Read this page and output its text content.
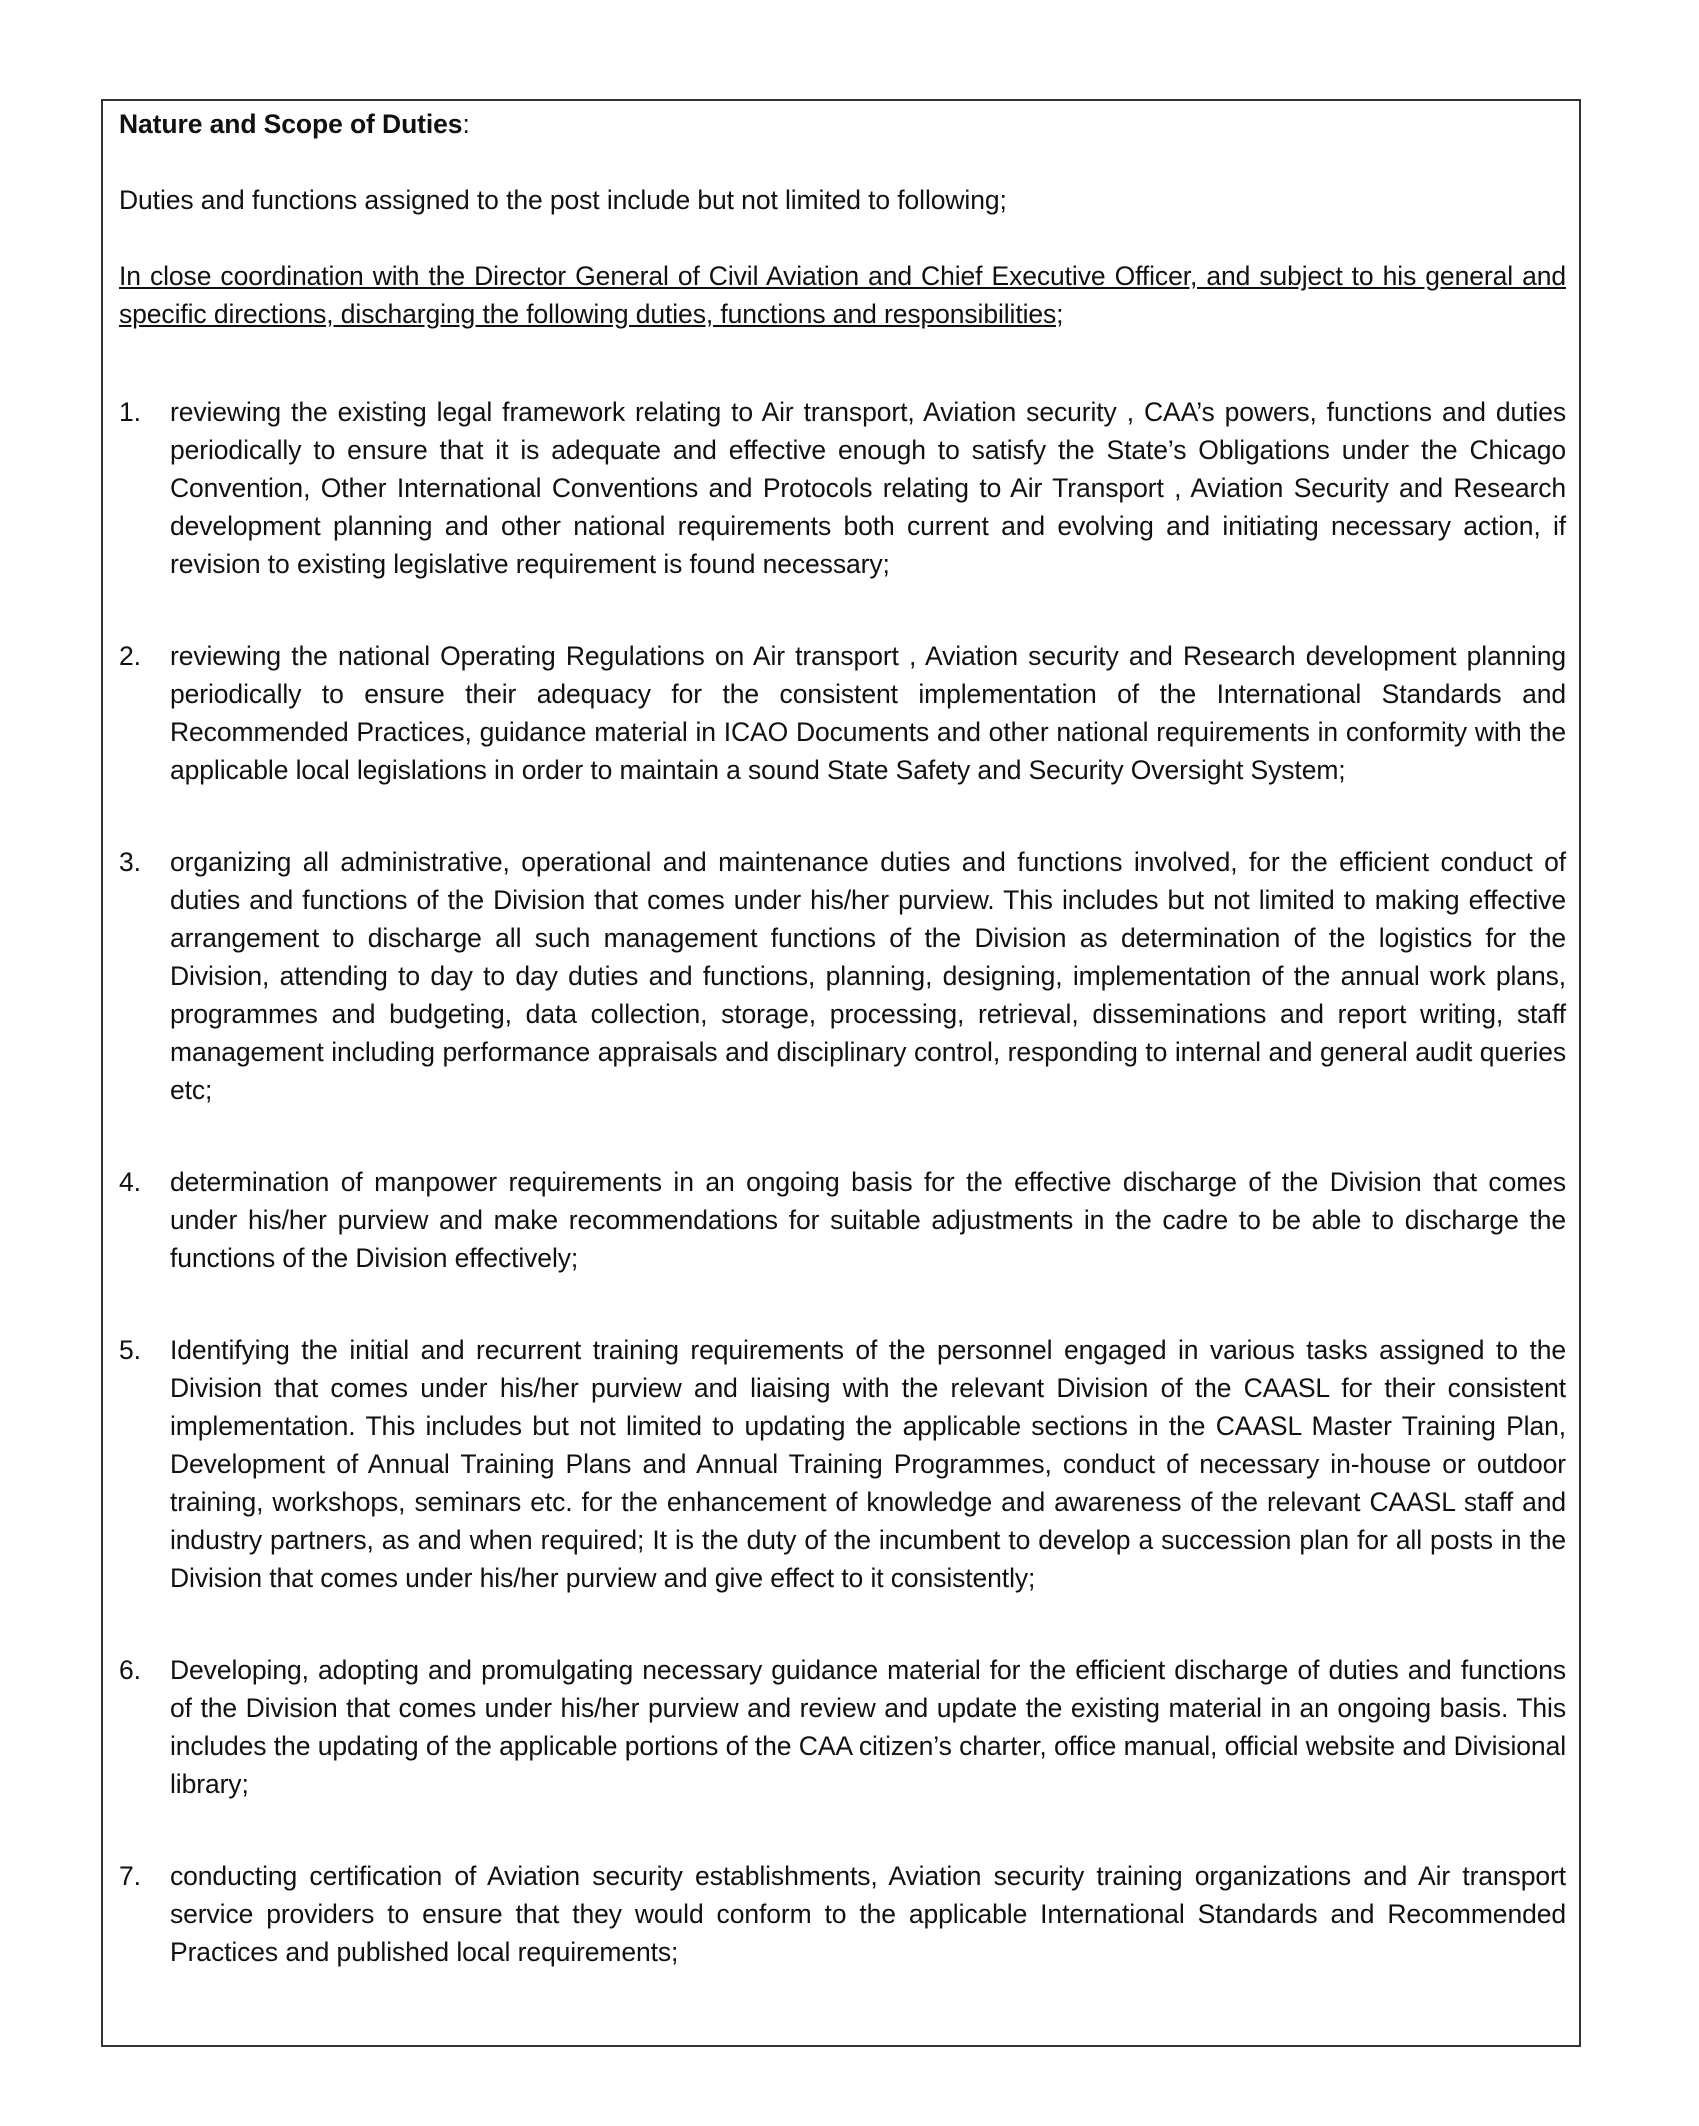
Nature and Scope of Duties:

Duties and functions assigned to the post include but not limited to following;

In close coordination with the Director General of Civil Aviation and Chief Executive Officer, and subject to his general and specific directions, discharging the following duties, functions and responsibilities;

1. reviewing the existing legal framework relating to Air transport, Aviation security , CAA’s powers, functions and duties periodically to ensure that it is adequate and effective enough to satisfy the State’s Obligations under the Chicago Convention, Other International Conventions and Protocols relating to Air Transport , Aviation Security and Research development planning and other national requirements both current and evolving and initiating necessary action, if revision to existing legislative requirement is found necessary;
2. reviewing the national Operating Regulations on Air transport , Aviation security and Research development planning periodically to ensure their adequacy for the consistent implementation of the International Standards and Recommended Practices, guidance material in ICAO Documents and other national requirements in conformity with the applicable local legislations in order to maintain a sound State Safety and Security Oversight System;
3. organizing all administrative, operational and maintenance duties and functions involved, for the efficient conduct of duties and functions of the Division that comes under his/her purview. This includes but not limited to making effective arrangement to discharge all such management functions of the Division as determination of the logistics for the Division, attending to day to day duties and functions, planning, designing, implementation of the annual work plans, programmes and budgeting, data collection, storage, processing, retrieval, disseminations and report writing, staff management including performance appraisals and disciplinary control, responding to internal and general audit queries etc;
4. determination of manpower requirements in an ongoing basis for the effective discharge of the Division that comes under his/her purview and make recommendations for suitable adjustments in the cadre to be able to discharge the functions of the Division effectively;
5. Identifying the initial and recurrent training requirements of the personnel engaged in various tasks assigned to the Division that comes under his/her purview and liaising with the relevant Division of the CAASL for their consistent implementation. This includes but not limited to updating the applicable sections in the CAASL Master Training Plan, Development of Annual Training Plans and Annual Training Programmes, conduct of necessary in-house or outdoor training, workshops, seminars etc. for the enhancement of knowledge and awareness of the relevant CAASL staff and industry partners, as and when required; It is the duty of the incumbent to develop a succession plan for all posts in the Division that comes under his/her purview and give effect to it consistently;
6. Developing, adopting and promulgating necessary guidance material for the efficient discharge of duties and functions of the Division that comes under his/her purview and review and update the existing material in an ongoing basis. This includes the updating of the applicable portions of the CAA citizen’s charter, office manual, official website and Divisional library;
7. conducting certification of Aviation security establishments, Aviation security training organizations and Air transport service providers to ensure that they would conform to the applicable International Standards and Recommended Practices and published local requirements;
